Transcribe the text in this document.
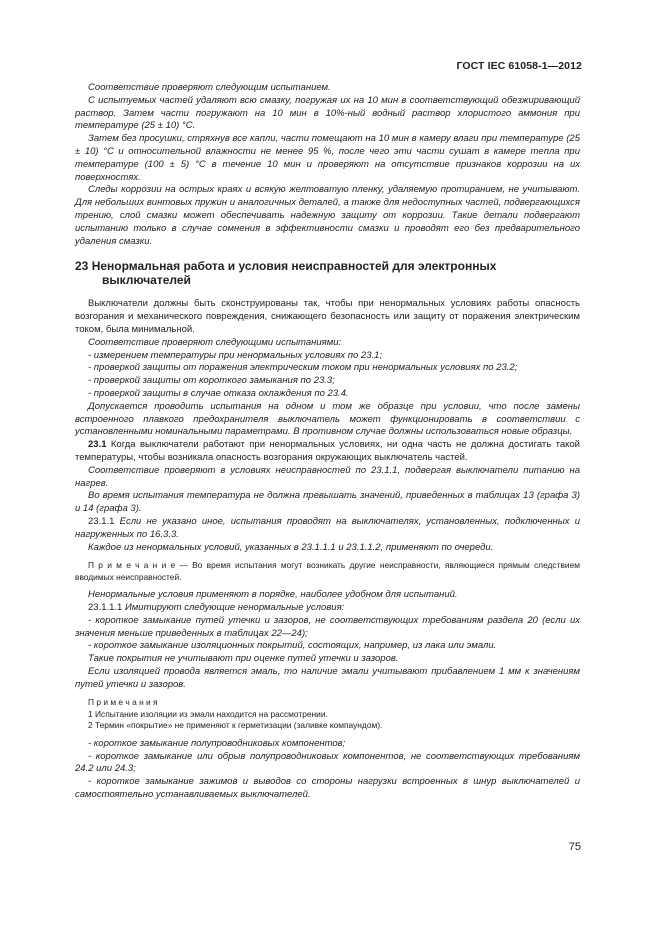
ГОСТ IEC 61058-1—2012

Соответствие проверяют следующим испытанием.

С испытуемых частей удаляют всю смазку, погружая их на 10 мин в соответствующий обезжиривающий раствор. Затем части погружают на 10 мин в 10%-ный водный раствор хлористого аммония при температуре (25 ± 10) °С.

Затем без просушки, стряхнув все капли, части помещают на 10 мин в камеру влаги при температуре (25 ± 10) °С и относительной влажности не менее 95 %, после чего эти части сушат в камере тепла при температуре (100 ± 5) °С в течение 10 мин и проверяют на отсутствие признаков коррозии на их поверхностях.

Следы коррозии на острых краях и всякую желтоватую пленку, удаляемую протиранием, не учитывают. Для небольших винтовых пружин и аналогичных деталей, а также для недоступных частей, подвергающихся трению, слой смазки может обеспечивать надежную защиту от коррозии. Такие детали подвергают испытанию только в случае сомнения в эффективности смазки и проводят его без предварительного удаления смазки.

23 Ненормальная работа и условия неисправностей для электронных
выключателей

Выключатели должны быть сконструированы так, чтобы при ненормальных условиях работы опасность возгорания и механического повреждения, снижающего безопасность или защиту от поражения электрическим током, была минимальной.

Соответствие проверяют следующими испытаниями:

- измерением температуры при ненормальных условиях по 23.1;

- проверкой защиты от поражения электрическим током при ненормальных условиях по 23.2;

- проверкой защиты от короткого замыкания по 23.3;

- проверкой защиты в случае отказа охлаждения по 23.4.

Допускается проводить испытания на одном и том же образце при условии, что после замены встроенного плавкого предохранителя выключатель может функционировать в соответствии с установленными номинальными параметрами. В противном случае должны использоваться новые образцы.

23.1 Когда выключатели работают при ненормальных условиях, ни одна часть не должна достигать такой температуры, чтобы возникала опасность возгорания окружающих выключатель частей.

Соответствие проверяют в условиях неисправностей по 23.1.1, подвергая выключатели питанию на нагрев.

Во время испытания температура не должна превышать значений, приведенных в таблицах 13 (графа 3) и 14 (графа 3).

23.1.1 Если не указано иное, испытания проводят на выключателях, установленных, подключенных и нагруженных по 16.3.3.

Каждое из ненормальных условий, указанных в 23.1.1.1 и 23.1.1.2, применяют по очереди.

П р и м е ч а н и е — Во время испытания могут возникать другие неисправности, являющиеся прямым следствием вводимых неисправностей.

Ненормальные условия применяют в порядке, наиболее удобном для испытаний.

23.1.1.1 Имитируют следующие ненормальные условия:

- короткое замыкание путей утечки и зазоров, не соответствующих требованиям раздела 20 (если их значения меньше приведенных в таблицах 22—24);

- короткое замыкание изоляционных покрытий, состоящих, например, из лака или эмали.

Такие покрытия не учитывают при оценке путей утечки и зазоров.

Если изоляцией провода является эмаль, то наличие эмали учитывают прибавлением 1 мм к значениям путей утечки и зазоров.

П р и м е ч а н и я

1 Испытание изоляции из эмали находится на рассмотрении.

2 Термин «покрытие» не применяют к герметизации (заливке компаундом).

- короткое замыкание полупроводниковых компонентов;

- короткое замыкание или обрыв полупроводниковых компонентов, не соответствующих требованиям 24.2 или 24.3;

- короткое замыкание зажимов и выводов со стороны нагрузки встроенных в шнур выключателей и самостоятельно устанавливаемых выключателей.

75
